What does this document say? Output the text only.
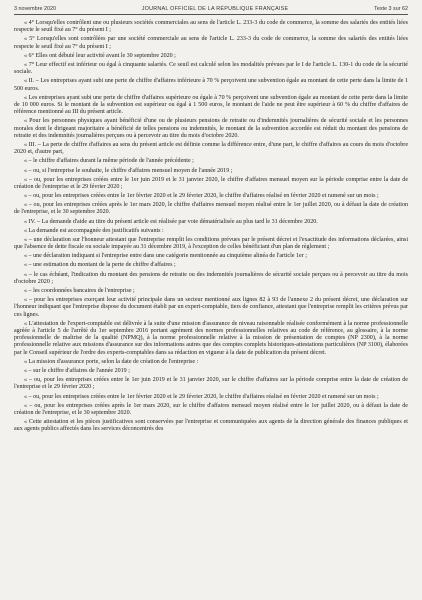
3 novembre 2020	JOURNAL OFFICIEL DE LA RÉPUBLIQUE FRANÇAISE	Texte 3 sur 62

« 4° Lorsqu'elles contrôlent une ou plusieurs sociétés commerciales au sens de l'article L. 233-3 du code de commerce, la somme des salariés des entités liées respecte le seuil fixé au 7° du présent I ;

« 5° Lorsqu'elles sont contrôlées par une société commerciale au sens de l'article L. 233-3 du code de commerce, la somme des salariés des entités liées respecte le seuil fixé au 7° du présent I ;

« 6° Elles ont débuté leur activité avant le 30 septembre 2020 ;

« 7° Leur effectif est inférieur ou égal à cinquante salariés. Ce seuil est calculé selon les modalités prévues par le I de l'article L. 130-1 du code de la sécurité sociale.

« II. – Les entreprises ayant subi une perte de chiffre d'affaires inférieure à 70 % perçoivent une subvention égale au montant de cette perte dans la limite de 1 500 euros.

« Les entreprises ayant subi une perte de chiffre d'affaires supérieure ou égale à 70 % perçoivent une subvention égale au montant de cette perte dans la limite de 10 000 euros. Si le montant de la subvention est supérieur ou égal à 1 500 euros, le montant de l'aide ne peut être supérieur à 60 % du chiffre d'affaires de référence mentionné au III du présent article.

« Pour les personnes physiques ayant bénéficié d'une ou de plusieurs pensions de retraite ou d'indemnités journalières de sécurité sociale et les personnes morales dont le dirigeant majoritaire a bénéficié de telles pensions ou indemnités, le montant de la subvention accordée est réduit du montant des pensions de retraite et des indemnités journalières perçues ou à percevoir au titre du mois d'octobre 2020.

« III. – La perte de chiffre d'affaires au sens du présent article est définie comme la différence entre, d'une part, le chiffre d'affaires au cours du mois d'octobre 2020 et, d'autre part,

« – le chiffre d'affaires durant la même période de l'année précédente ;

« – ou, si l'entreprise le souhaite, le chiffre d'affaires mensuel moyen de l'année 2019 ;

« – ou, pour les entreprises créées entre le 1er juin 2019 et le 31 janvier 2020, le chiffre d'affaires mensuel moyen sur la période comprise entre la date de création de l'entreprise et le 29 février 2020 ;

« – ou, pour les entreprises créées entre le 1er février 2020 et le 29 février 2020, le chiffre d'affaires réalisé en février 2020 et ramené sur un mois ;

« – ou, pour les entreprises créées après le 1er mars 2020, le chiffre d'affaires mensuel moyen réalisé entre le 1er juillet 2020, ou à défaut la date de création de l'entreprise, et le 30 septembre 2020.

« IV. – La demande d'aide au titre du présent article est réalisée par voie dématérialisée au plus tard le 31 décembre 2020.

« La demande est accompagnée des justificatifs suivants :

« – une déclaration sur l'honneur attestant que l'entreprise remplit les conditions prévues par le présent décret et l'exactitude des informations déclarées, ainsi que l'absence de dette fiscale ou sociale impayée au 31 décembre 2019, à l'exception de celles bénéficiant d'un plan de règlement ;

« – une déclaration indiquant si l'entreprise entre dans une catégorie mentionnée au cinquième alinéa de l'article 1er ;

« – une estimation du montant de la perte de chiffre d'affaires ;

« – le cas échéant, l'indication du montant des pensions de retraite ou des indemnités journalières de sécurité sociale perçues ou à percevoir au titre du mois d'octobre 2020 ;

« – les coordonnées bancaires de l'entreprise ;

« – pour les entreprises exerçant leur activité principale dans un secteur mentionné aux lignes 82 à 93 de l'annexe 2 du présent décret, une déclaration sur l'honneur indiquant que l'entreprise dispose du document établi par un expert-comptable, tiers de confiance, attestant que l'entreprise remplit les critères prévus par ces lignes.

« L'attestation de l'expert-comptable est délivrée à la suite d'une mission d'assurance de niveau raisonnable réalisée conformément à la norme professionnelle agréée à l'article 5 de l'arrêté du 1er septembre 2016 portant agrément des normes professionnelles relatives au code de référence, au glossaire, à la norme professionnelle de maîtrise de la qualité (NPMQ), à la norme professionnelle relative à la mission de présentation de comptes (NP 2300), à la norme professionnelle relative aux missions d'assurance sur des informations autres que des comptes complets historiques-attestations particulières (NP 3100), élaborées par le Conseil supérieur de l'ordre des experts-comptables dans sa rédaction en vigueur à la date de publication du présent décret.

« La mission d'assurance porte, selon la date de création de l'entreprise :

« – sur le chiffre d'affaires de l'année 2019 ;

« – ou, pour les entreprises créées entre le 1er juin 2019 et le 31 janvier 2020, sur le chiffre d'affaires sur la période comprise entre la date de création de l'entreprise et le 29 février 2020 ;

« – ou, pour les entreprises créées entre le 1er février 2020 et le 29 février 2020, le chiffre d'affaires réalisé en février 2020 et ramené sur un mois ;

« – ou, pour les entreprises créées après le 1er mars 2020, sur le chiffre d'affaires mensuel moyen réalisé entre le 1er juillet 2020, ou à défaut la date de création de l'entreprise, et le 30 septembre 2020.

« Cette attestation et les pièces justificatives sont conservées par l'entreprise et communiquées aux agents de la direction générale des finances publiques et aux agents publics affectés dans les services déconcentrés des
